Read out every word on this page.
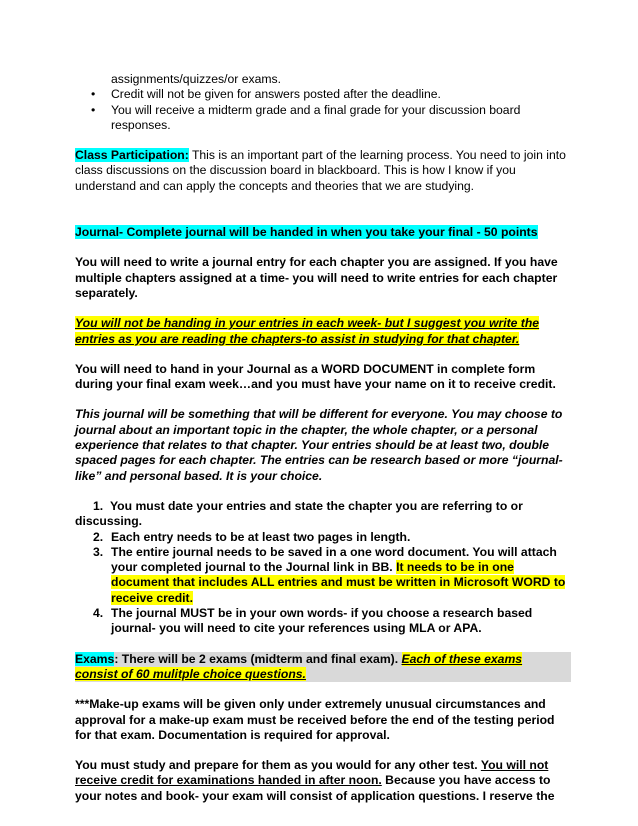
assignments/quizzes/or exams.

• Credit will not be given for answers posted after the deadline.
• You will receive a midterm grade and a final grade for your discussion board responses.

Class Participation: This is an important part of the learning process. You need to join into class discussions on the discussion board in blackboard. This is how I know if you understand and can apply the concepts and theories that we are studying.

Journal- Complete journal will be handed in when you take your final - 50 points

You will need to write a journal entry for each chapter you are assigned. If you have multiple chapters assigned at a time- you will need to write entries for each chapter separately.

You will not be handing in your entries in each week- but I suggest you write the entries as you are reading the chapters-to assist in studying for that chapter.

You will need to hand in your Journal as a WORD DOCUMENT in complete form during your final exam week…and you must have your name on it to receive credit.

This journal will be something that will be different for everyone. You may choose to journal about an important topic in the chapter, the whole chapter, or a personal experience that relates to that chapter. Your entries should be at least two, double spaced pages for each chapter. The entries can be research based or more “journal-like” and personal based. It is your choice.

1. You must date your entries and state the chapter you are referring to or discussing.
2. Each entry needs to be at least two pages in length.
3. The entire journal needs to be saved in a one word document. You will attach your completed journal to the Journal link in BB. It needs to be in one document that includes ALL entries and must be written in Microsoft WORD to receive credit.
4. The journal MUST be in your own words- if you choose a research based journal- you will need to cite your references using MLA or APA.

Exams: There will be 2 exams (midterm and final exam). Each of these exams consist of 60 mulitple choice questions.

***Make-up exams will be given only under extremely unusual circumstances and approval for a make-up exam must be received before the end of the testing period for that exam. Documentation is required for approval.

You must study and prepare for them as you would for any other test. You will not receive credit for examinations handed in after noon. Because you have access to your notes and book- your exam will consist of application questions. I reserve the
